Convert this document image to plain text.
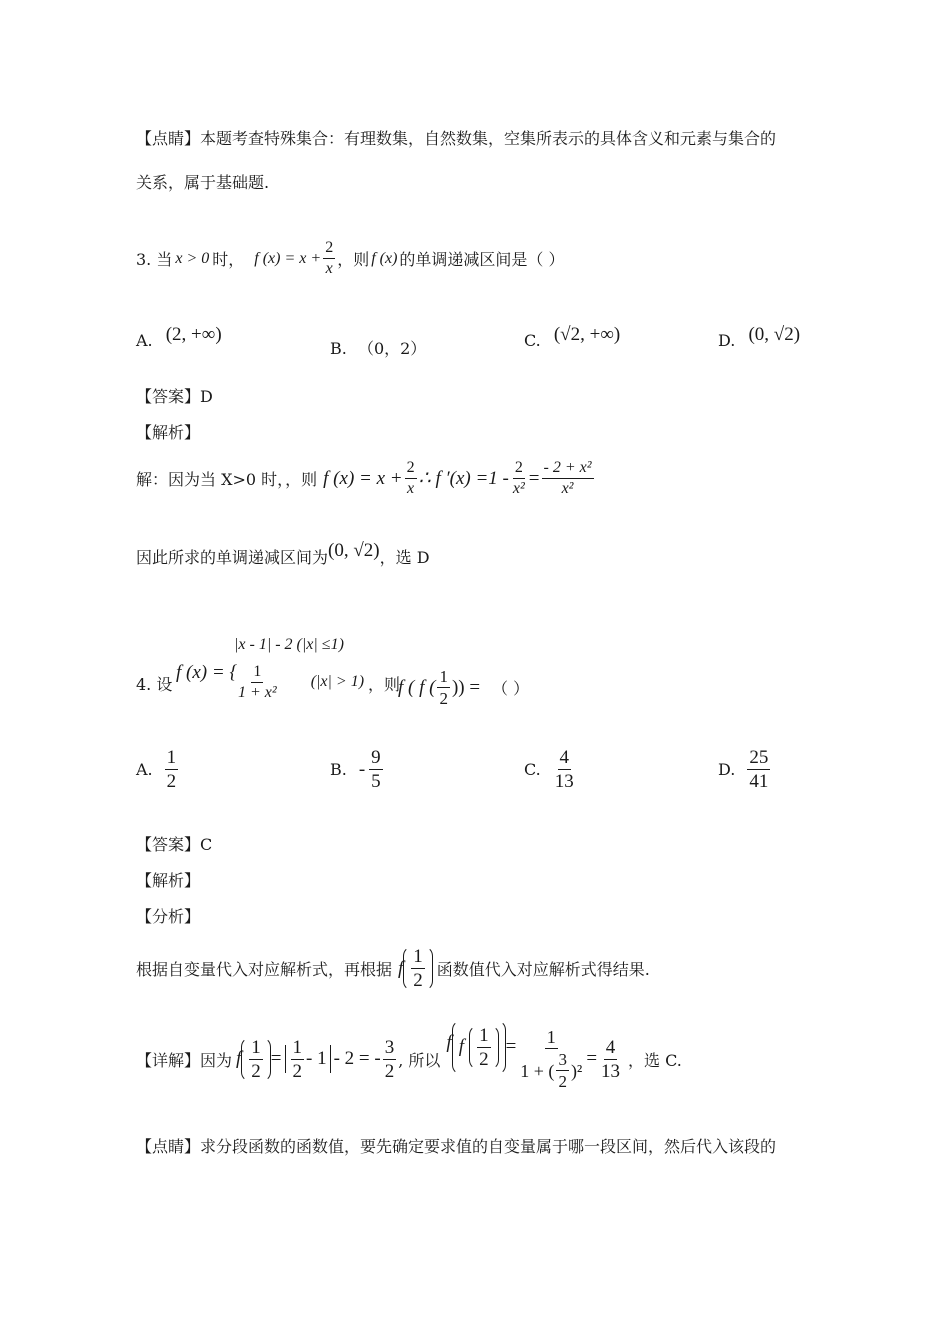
【点睛】本题考查特殊集合：有理数集，自然数集，空集所表示的具体含义和元素与集合的
关系，属于基础题.
3. 当 x > 0 时， f $(x) = x + \frac{2}{x}$ ，则 f (x) 的单调递减区间是（ ）
A. (2, +∞)
B. （0，2）	C. (√2, +∞)	D. (0, √2)
【答案】D
【解析】
解：因为当 X>0 时，，则 f $(x) = x + \frac{2}{x}$ ∴ f $'(x) =1 - \frac{2}{\text{x²}} = \frac{\text{- 2 + x²}}{\text{x²}}$
因此所求的单调递减区间为 (0, √2) ，选 D
4. 设
f (x) = {
|x - 1| - 2 (|x| ≤1)
$\frac{1}{\text{1 + x²}} (|x| > 1)$ ，则
f ( f ( $\frac{1}{2}$ )) = （ ）
A. $\frac{1}{2}$	B. - $\frac{9}{5}$	C. $\frac{4}{13}$	D. $\frac{25}{41}$
【答案】C
【解析】
【分析】
根据自变量代入对应解析式，再根据 f $\frac{1}{2}$ 函数值代入对应解析式得结果.
【详解】因为 f $\frac{1}{2} = \frac{1}{2} - 1 - 2$ = - $\frac{3}{2}$ , 所以
f f $\frac{1}{2} = \frac{1}{1 + ( \frac{3}{2} )^2} = \frac{4}{13}$ ，选 C.
【点睛】求分段函数的函数值，要先确定要求值的自变量属于哪一段区间，然后代入该段的
